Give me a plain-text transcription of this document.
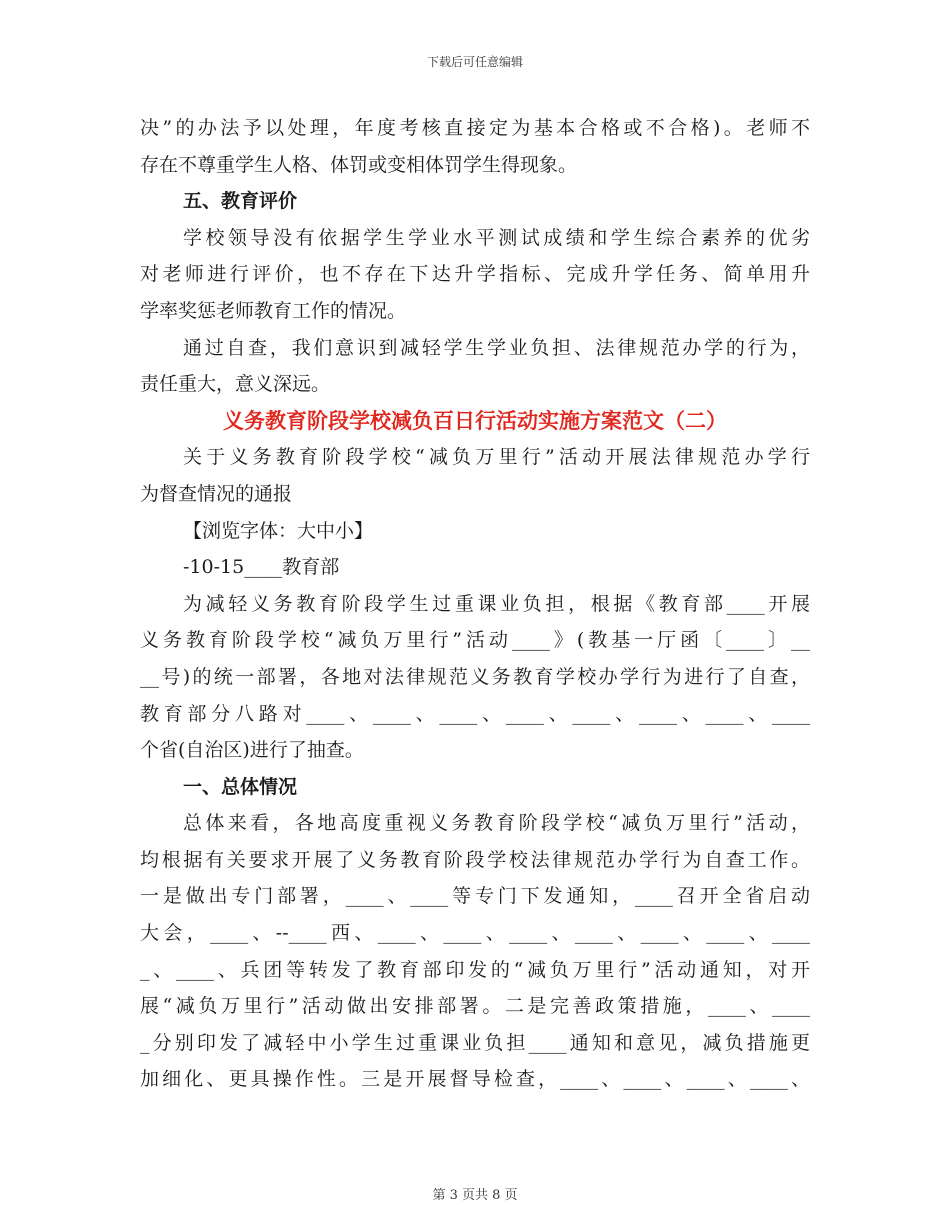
下载后可任意编辑
决”的办法予以处理，年度考核直接定为基本合格或不合格)。老师不
存在不尊重学生人格、体罚或变相体罚学生得现象。
五、教育评价
学校领导没有依据学生学业水平测试成绩和学生综合素养的优劣
对老师进行评价，也不存在下达升学指标、完成升学任务、简单用升
学率奖惩老师教育工作的情况。
通过自查，我们意识到减轻学生学业负担、法律规范办学的行为，
责任重大，意义深远。
义务教育阶段学校减负百日行活动实施方案范文（二）
关于义务教育阶段学校“减负万里行”活动开展法律规范办学行
为督查情况的通报
【浏览字体：大中小】
-10-15____教育部
为减轻义务教育阶段学生过重课业负担，根据《教育部____开展
义务教育阶段学校“减负万里行”活动____》(教基一厅函〔____〕__
__号)的统一部署，各地对法律规范义务教育学校办学行为进行了自查，
教育部分八路对____、____、____、____、____、____、____、____
个省(自治区)进行了抽查。
一、总体情况
总体来看，各地高度重视义务教育阶段学校“减负万里行”活动，
均根据有关要求开展了义务教育阶段学校法律规范办学行为自查工作。
一是做出专门部署，____、____等专门下发通知，____召开全省启动
大会，____、--____西、____、____、____、____、____、____、____
_、____、兵团等转发了教育部印发的“减负万里行”活动通知，对开
展“减负万里行”活动做出安排部署。二是完善政策措施，____、____
_分别印发了减轻中小学生过重课业负担____通知和意见，减负措施更
加细化、更具操作性。三是开展督导检查，____、____、____、____、
第 3 页共 8 页
